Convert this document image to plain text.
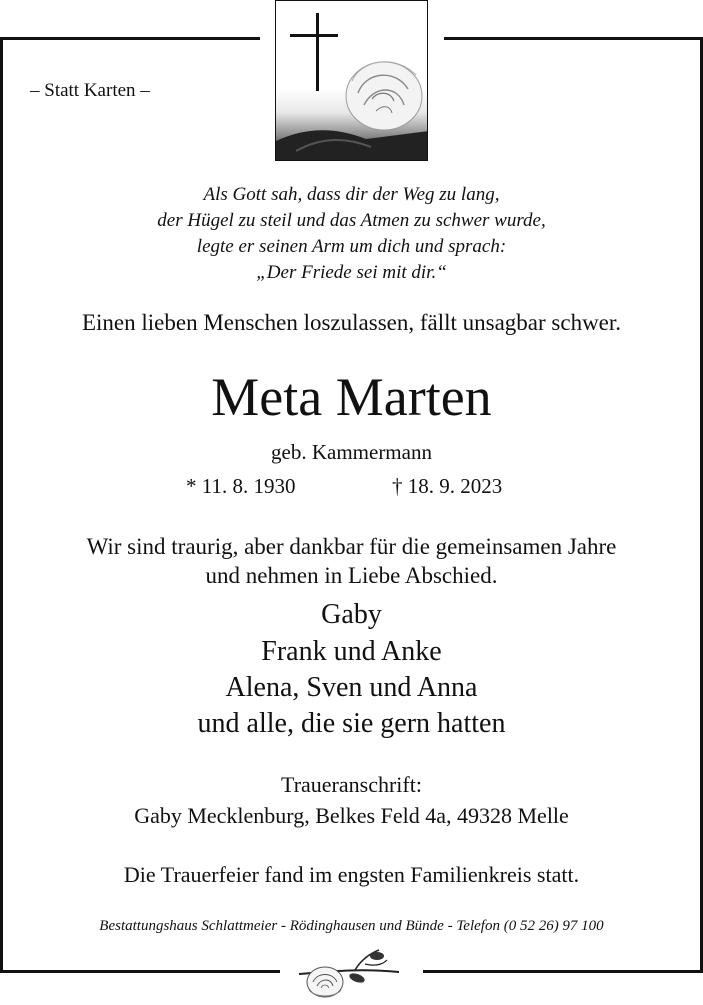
– Statt Karten –
Als Gott sah, dass dir der Weg zu lang,
der Hügel zu steil und das Atmen zu schwer wurde,
legte er seinen Arm um dich und sprach:
„Der Friede sei mit dir.“
Einen lieben Menschen loszulassen, fällt unsagbar schwer.
Meta Marten
geb. Kammermann
* 11. 8. 1930	† 18. 9. 2023
Wir sind traurig, aber dankbar für die gemeinsamen Jahre
und nehmen in Liebe Abschied.
Gaby
Frank und Anke
Alena, Sven und Anna
und alle, die sie gern hatten
Traueranschrift:
Gaby Mecklenburg, Belkes Feld 4a, 49328 Melle
Die Trauerfeier fand im engsten Familienkreis statt.
Bestattungshaus Schlattmeier - Rödinghausen und Bünde - Telefon (0 52 26) 97 100
